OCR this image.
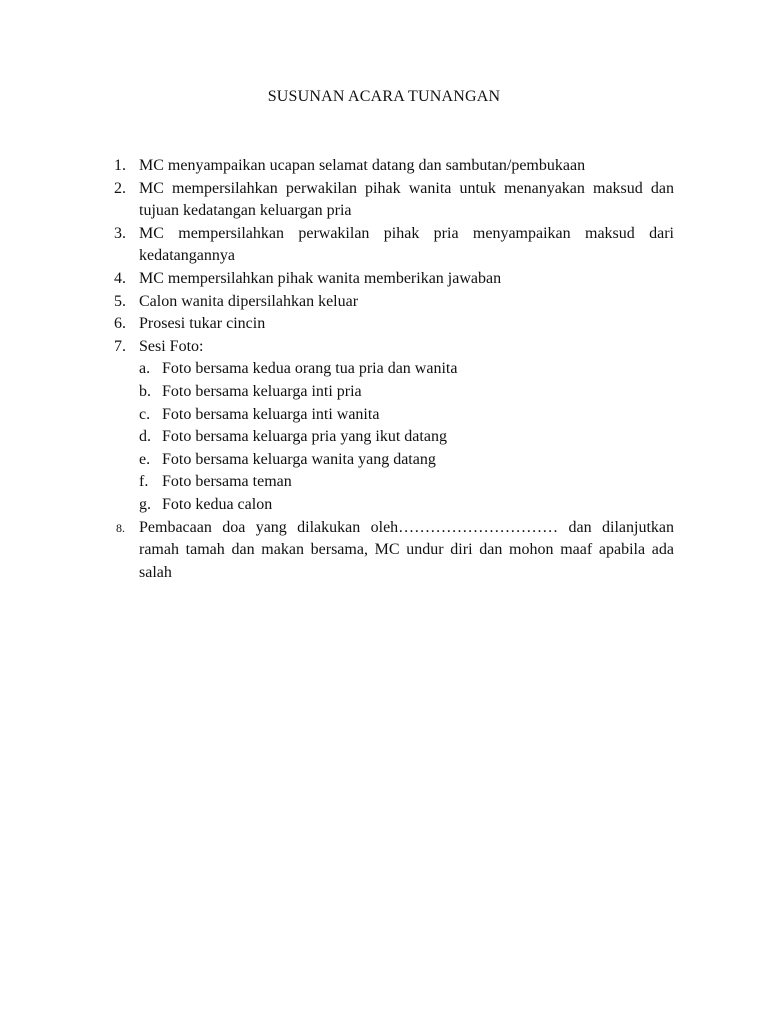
SUSUNAN ACARA TUNANGAN
1. MC menyampaikan ucapan selamat datang dan sambutan/pembukaan
2. MC mempersilahkan perwakilan pihak wanita untuk menanyakan maksud dan tujuan kedatangan keluargan pria
3. MC mempersilahkan perwakilan pihak pria menyampaikan maksud dari kedatangannya
4. MC mempersilahkan pihak wanita memberikan jawaban
5. Calon wanita dipersilahkan keluar
6. Prosesi tukar cincin
7. Sesi Foto:
a. Foto bersama kedua orang tua pria dan wanita
b. Foto bersama keluarga inti pria
c. Foto bersama keluarga inti wanita
d. Foto bersama keluarga pria yang ikut datang
e. Foto bersama keluarga wanita yang datang
f. Foto bersama teman
g. Foto kedua calon
8. Pembacaan doa yang dilakukan oleh………………………… dan dilanjutkan ramah tamah dan makan bersama, MC undur diri dan mohon maaf apabila ada salah
